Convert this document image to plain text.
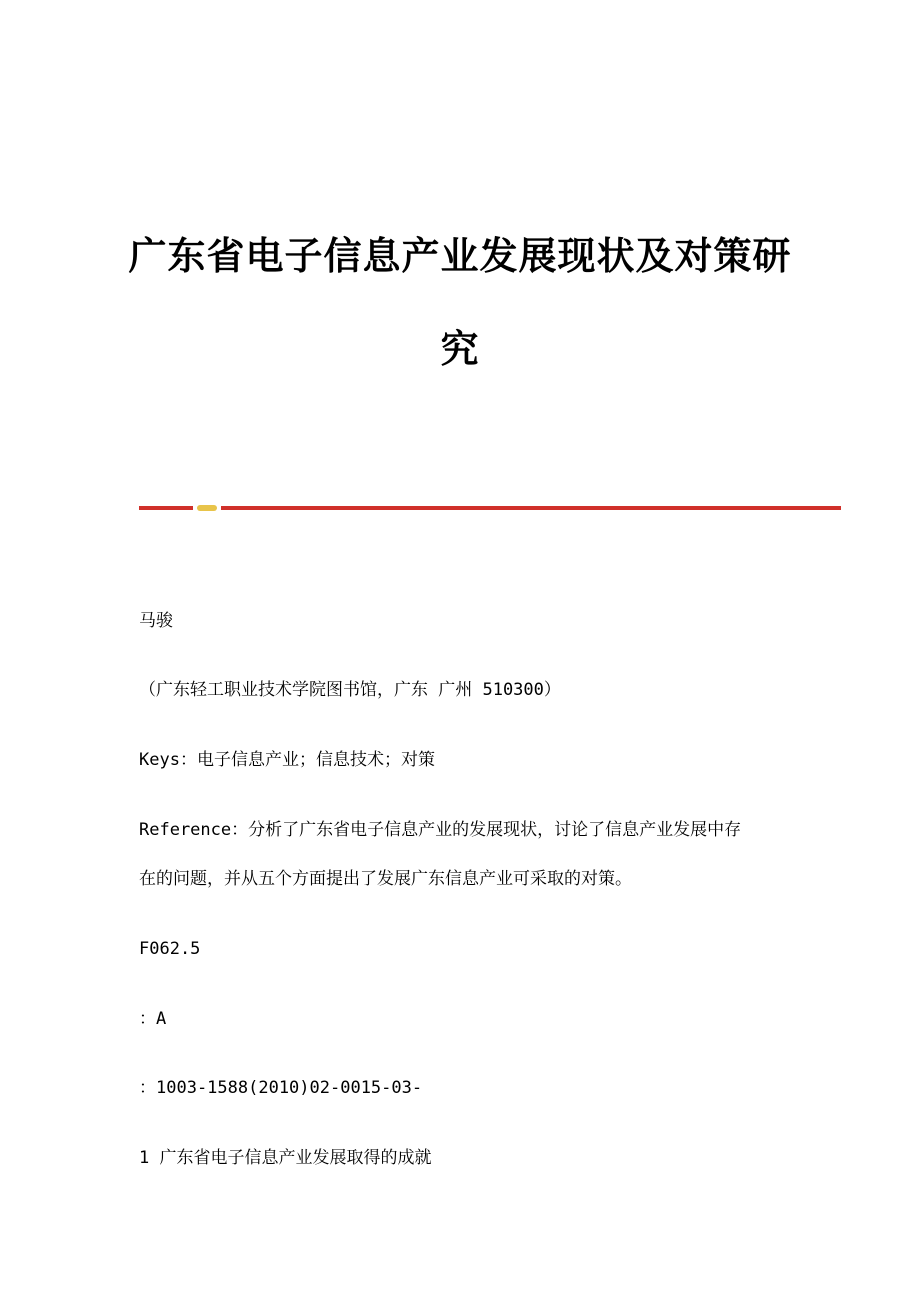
广东省电子信息产业发展现状及对策研
究

马骏

（广东轻工职业技术学院图书馆，广东 广州 510300）

Keys：电子信息产业；信息技术；对策

Reference：分析了广东省电子信息产业的发展现状，讨论了信息产业发展中存

在的问题，并从五个方面提出了发展广东信息产业可采取的对策。

F062.5

：A

：1003-1588(2010)02-0015-03-

1 广东省电子信息产业发展取得的成就
